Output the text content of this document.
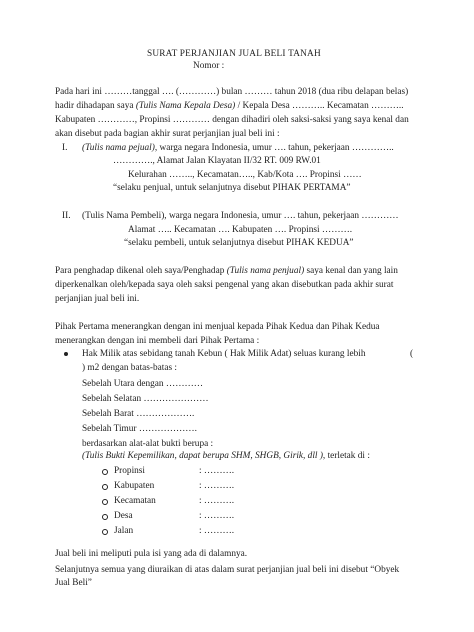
SURAT PERJANJIAN JUAL BELI TANAH
Nomor :
Pada hari ini ………tanggal …. (…………) bulan ……… tahun 2018 (dua ribu delapan belas)
hadir dihadapan saya (Tulis Nama Kepala Desa) / Kepala Desa ……….. Kecamatan ………..
Kabupaten …………, Propinsi ………… dengan dihadiri oleh saksi-saksi yang saya kenal dan
akan disebut pada bagian akhir surat perjanjian jual beli ini :
I. (Tulis nama pejual), warga negara Indonesia, umur …. tahun, pekerjaan …………..
…………., Alamat Jalan Klayatan II/32 RT. 009 RW.01
Kelurahan …….., Kecamatan….., Kab/Kota …. Propinsi ……
“selaku penjual, untuk selanjutnya disebut PIHAK PERTAMA”
II. (Tulis Nama Pembeli), warga negara Indonesia, umur …. tahun, pekerjaan …………
Alamat ….. Kecamatan …. Kabupaten …. Propinsi ……….
“selaku pembeli, untuk selanjutnya disebut PIHAK KEDUA”
Para penghadap dikenal oleh saya/Penghadap (Tulis nama penjual) saya kenal dan yang lain
diperkenalkan oleh/kepada saya oleh saksi pengenal yang akan disebutkan pada akhir surat
perjanjian jual beli ini.
Pihak Pertama menerangkan dengan ini menjual kepada Pihak Kedua dan Pihak Kedua
menerangkan dengan ini membeli dari Pihak Pertama :
Hak Milik atas sebidang tanah Kebun ( Hak Milik Adat) seluas kurang lebih	(
) m2 dengan batas-batas :
Sebelah Utara dengan …………
Sebelah Selatan …………………
Sebelah Barat ……………….
Sebelah Timur ……………….
berdasarkan alat-alat bukti berupa :
(Tulis Bukti Kepemilikan, dapat berupa SHM, SHGB, Girik, dll ), terletak di :
Propinsi	: ……….
Kabupaten	: ……….
Kecamatan	: ……….
Desa	: ……….
Jalan	: ……….
Jual beli ini meliputi pula isi yang ada di dalamnya.
Selanjutnya semua yang diuraikan di atas dalam surat perjanjian jual beli ini disebut “Obyek
Jual Beli”
